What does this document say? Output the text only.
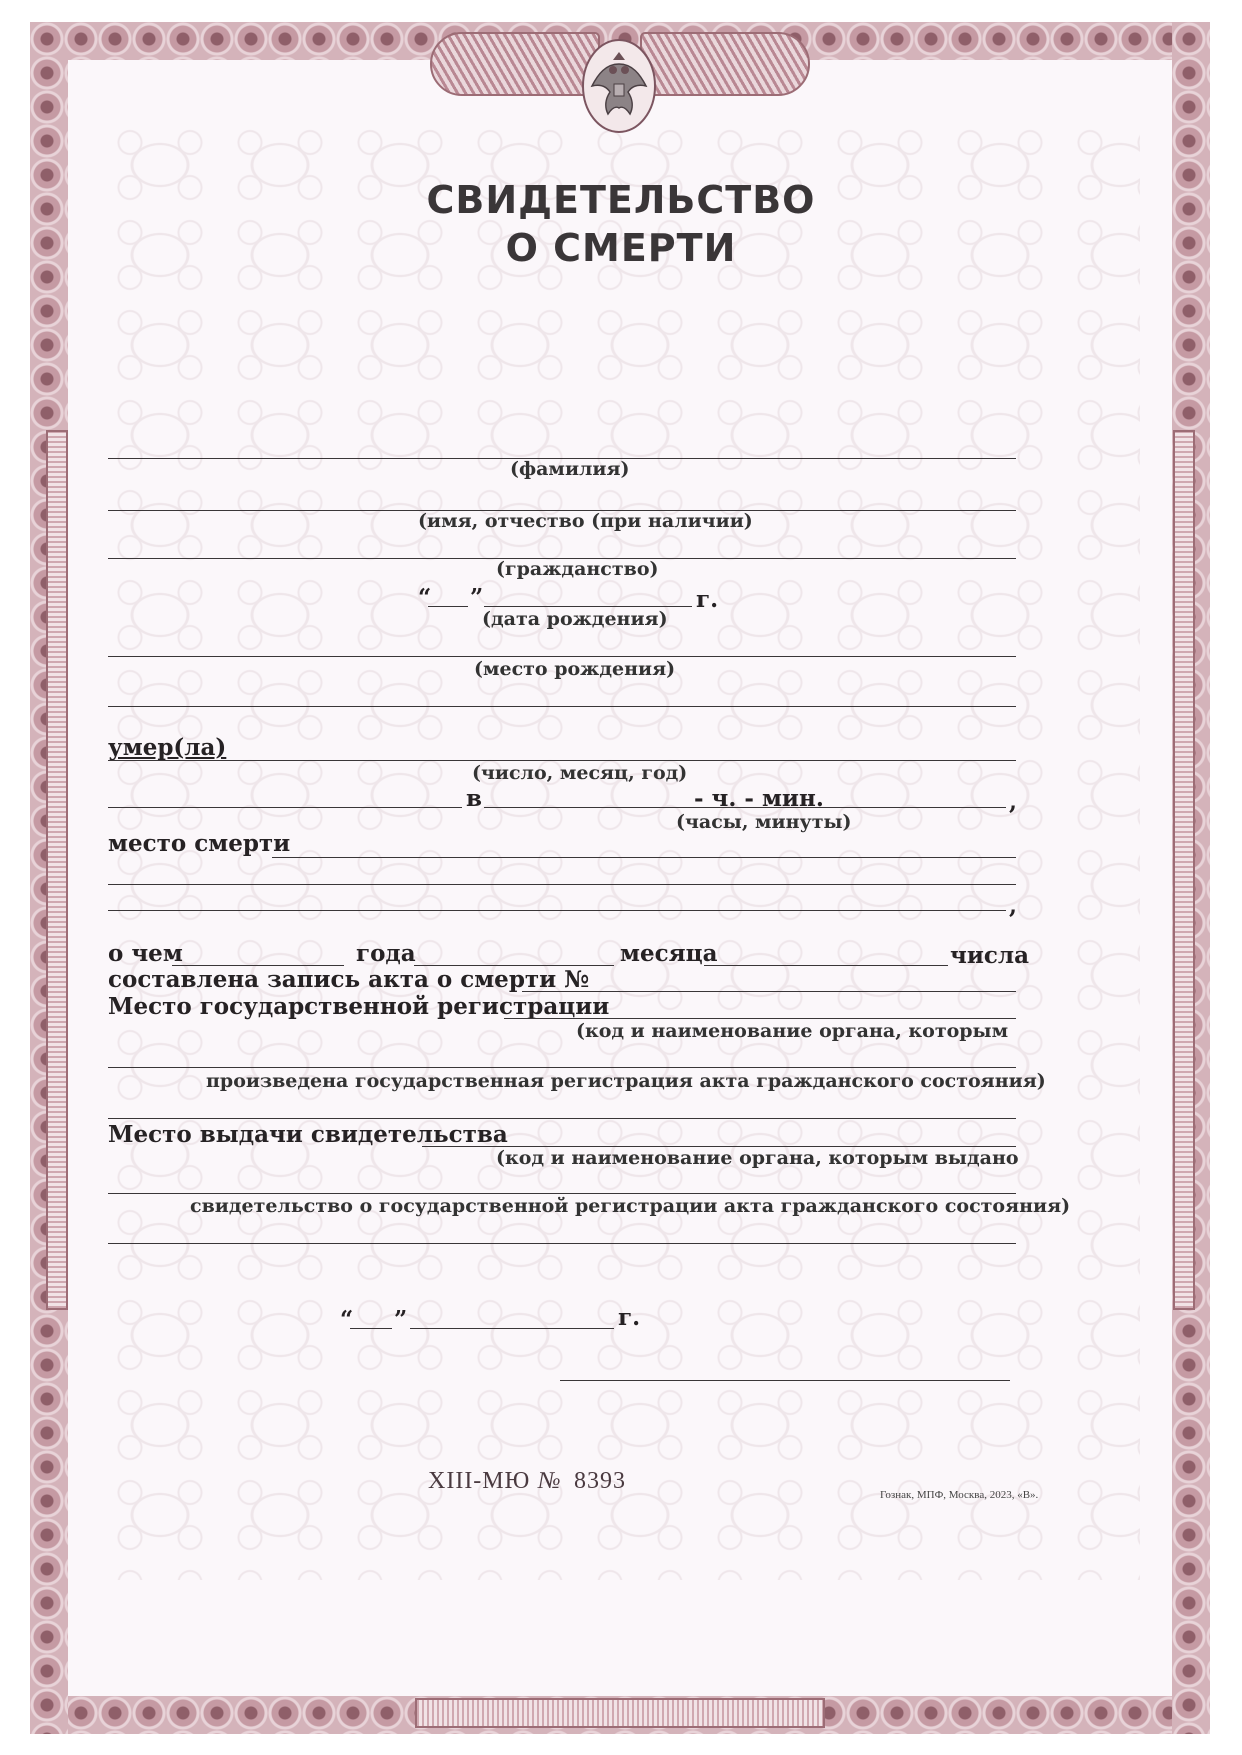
СВИДЕТЕЛЬСТВО
О СМЕРТИ
(фамилия)
(имя, отчество (при наличии)
(гражданство)
“ ”	г.
(дата рождения)
(место рождения)
умер(ла)
(число, месяц, год)
в	- ч. - мин.	,
(часы, минуты)
место смерти
,
о чем	года	месяца	числа
составлена запись акта о смерти №
Место государственной регистрации
(код и наименование органа, которым
произведена государственная регистрация акта гражданского состояния)
Место выдачи свидетельства
(код и наименование органа, которым выдано
свидетельство о государственной регистрации акта гражданского состояния)
“ ”	г.
XIII-МЮ № 8393
Гознак, МПФ, Москва, 2023, «В».
